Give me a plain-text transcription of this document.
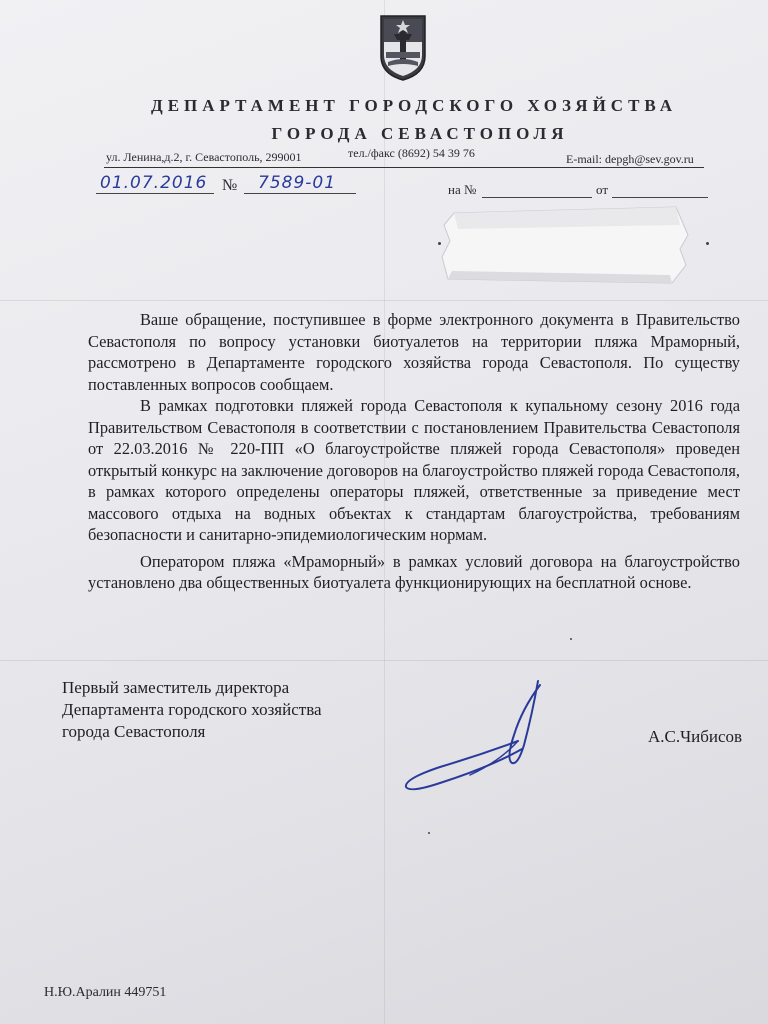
ДЕПАРТАМЕНТ ГОРОДСКОГО ХОЗЯЙСТВА
ГОРОДА СЕВАСТОПОЛЯ
ул. Ленина,д.2, г. Севастополь, 299001	тел./факс (8692) 54 39 76	E-mail: depgh@sev.gov.ru
01.07.2016 № 7589-01	на №	от

Ваше обращение, поступившее в форме электронного документа в Правительство Севастополя по вопросу установки биотуалетов на территории пляжа Мраморный, рассмотрено в Департаменте городского хозяйства города Севастополя. По существу поставленных вопросов сообщаем.

В рамках подготовки пляжей города Севастополя к купальному сезону 2016 года Правительством Севастополя в соответствии с постановлением Правительства Севастополя от 22.03.2016 № 220-ПП «О благоустройстве пляжей города Севастополя» проведен открытый конкурс на заключение договоров на благоустройство пляжей города Севастополя, в рамках которого определены операторы пляжей, ответственные за приведение мест массового отдыха на водных объектах к стандартам благоустройства, требованиям безопасности и санитарно-эпидемиологическим нормам.

Оператором пляжа «Мраморный» в рамках условий договора на благоустройство установлено два общественных биотуалета функционирующих на бесплатной основе.

Первый заместитель директора
Департамента городского хозяйства
города Севастополя	А.С.Чибисов
Н.Ю.Аралин 449751
